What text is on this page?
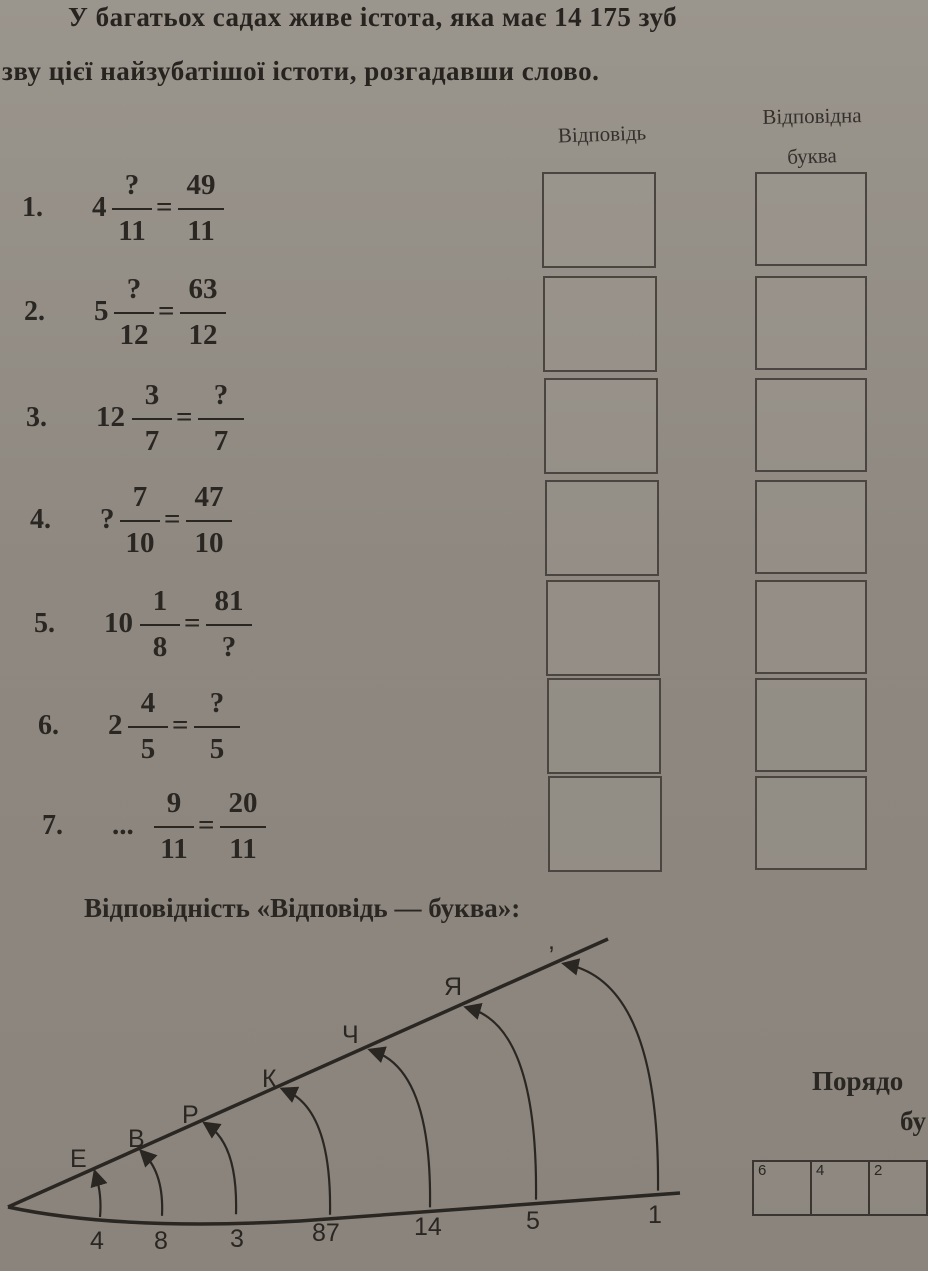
У багатьох садах живе істота, яка має 14 175 зуб
зву цієї найзубатішої істоти, розгадавши слово.
Відповідь
Відповідна
буква
1. 4
?
11
=
49
11
2. 5
?
12
=
63
12
3. 12
3
7
=
?
7
4. ?
7
10
=
47
10
5. 10
1
8
=
81
?
6. 2
4
5
=
?
5
7. ...
9
11
=
20
11
Відповідність «Відповідь — буква»:
Е
В
Р
К
Ч
Я
,
4 8 3	87	14	5	1
Порядо
бу
6	4	2
